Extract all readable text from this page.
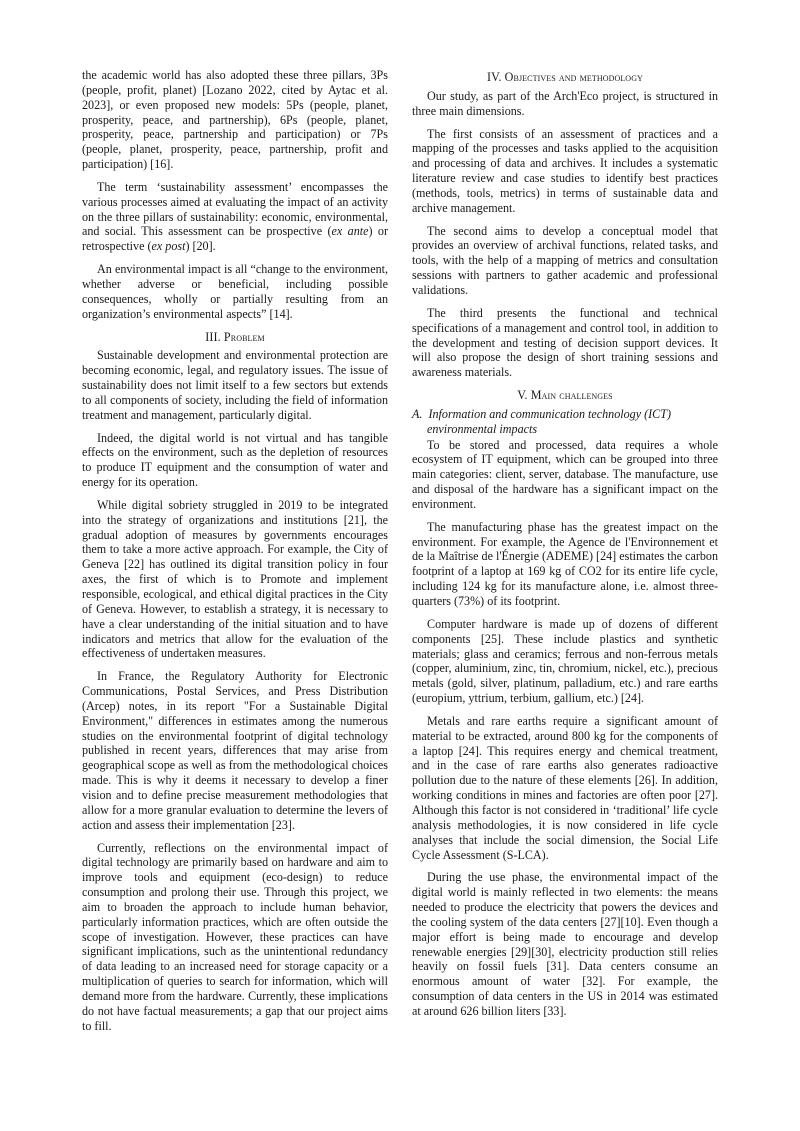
the academic world has also adopted these three pillars, 3Ps (people, profit, planet) [Lozano 2022, cited by Aytac et al. 2023], or even proposed new models: 5Ps (people, planet, prosperity, peace, and partnership), 6Ps (people, planet, prosperity, peace, partnership and participation) or 7Ps (people, planet, prosperity, peace, partnership, profit and participation) [16].

The term ‘sustainability assessment’ encompasses the various processes aimed at evaluating the impact of an activity on the three pillars of sustainability: economic, environmental, and social. This assessment can be prospective (ex ante) or retrospective (ex post) [20].

An environmental impact is all “change to the environment, whether adverse or beneficial, including possible consequences, wholly or partially resulting from an organization’s environmental aspects” [14].

III. Problem

Sustainable development and environmental protection are becoming economic, legal, and regulatory issues. The issue of sustainability does not limit itself to a few sectors but extends to all components of society, including the field of information treatment and management, particularly digital.

Indeed, the digital world is not virtual and has tangible effects on the environment, such as the depletion of resources to produce IT equipment and the consumption of water and energy for its operation.

While digital sobriety struggled in 2019 to be integrated into the strategy of organizations and institutions [21], the gradual adoption of measures by governments encourages them to take a more active approach. For example, the City of Geneva [22] has outlined its digital transition policy in four axes, the first of which is to Promote and implement responsible, ecological, and ethical digital practices in the City of Geneva. However, to establish a strategy, it is necessary to have a clear understanding of the initial situation and to have indicators and metrics that allow for the evaluation of the effectiveness of undertaken measures.

In France, the Regulatory Authority for Electronic Communications, Postal Services, and Press Distribution (Arcep) notes, in its report "For a Sustainable Digital Environment," differences in estimates among the numerous studies on the environmental footprint of digital technology published in recent years, differences that may arise from geographical scope as well as from the methodological choices made. This is why it deems it necessary to develop a finer vision and to define precise measurement methodologies that allow for a more granular evaluation to determine the levers of action and assess their implementation [23].

Currently, reflections on the environmental impact of digital technology are primarily based on hardware and aim to improve tools and equipment (eco-design) to reduce consumption and prolong their use. Through this project, we aim to broaden the approach to include human behavior, particularly information practices, which are often outside the scope of investigation. However, these practices can have significant implications, such as the unintentional redundancy of data leading to an increased need for storage capacity or a multiplication of queries to search for information, which will demand more from the hardware. Currently, these implications do not have factual measurements; a gap that our project aims to fill.

IV. Objectives and methodology

Our study, as part of the Arch'Eco project, is structured in three main dimensions.

The first consists of an assessment of practices and a mapping of the processes and tasks applied to the acquisition and processing of data and archives. It includes a systematic literature review and case studies to identify best practices (methods, tools, metrics) in terms of sustainable data and archive management.

The second aims to develop a conceptual model that provides an overview of archival functions, related tasks, and tools, with the help of a mapping of metrics and consultation sessions with partners to gather academic and professional validations.

The third presents the functional and technical specifications of a management and control tool, in addition to the development and testing of decision support devices. It will also propose the design of short training sessions and awareness materials.

V. Main challenges
A.  Information and communication technology (ICT) environmental impacts

To be stored and processed, data requires a whole ecosystem of IT equipment, which can be grouped into three main categories: client, server, database. The manufacture, use and disposal of the hardware has a significant impact on the environment.

The manufacturing phase has the greatest impact on the environment. For example, the Agence de l'Environnement et de la Maîtrise de l'Énergie (ADEME) [24] estimates the carbon footprint of a laptop at 169 kg of CO2 for its entire life cycle, including 124 kg for its manufacture alone, i.e. almost three-quarters (73%) of its footprint.

Computer hardware is made up of dozens of different components [25]. These include plastics and synthetic materials; glass and ceramics; ferrous and non-ferrous metals (copper, aluminium, zinc, tin, chromium, nickel, etc.), precious metals (gold, silver, platinum, palladium, etc.) and rare earths (europium, yttrium, terbium, gallium, etc.) [24].

Metals and rare earths require a significant amount of material to be extracted, around 800 kg for the components of a laptop [24]. This requires energy and chemical treatment, and in the case of rare earths also generates radioactive pollution due to the nature of these elements [26]. In addition, working conditions in mines and factories are often poor [27]. Although this factor is not considered in ‘traditional’ life cycle analysis methodologies, it is now considered in life cycle analyses that include the social dimension, the Social Life Cycle Assessment (S-LCA).

During the use phase, the environmental impact of the digital world is mainly reflected in two elements: the means needed to produce the electricity that powers the devices and the cooling system of the data centers [27][10]. Even though a major effort is being made to encourage and develop renewable energies [29][30], electricity production still relies heavily on fossil fuels [31]. Data centers consume an enormous amount of water [32]. For example, the consumption of data centers in the US in 2014 was estimated at around 626 billion liters [33].
